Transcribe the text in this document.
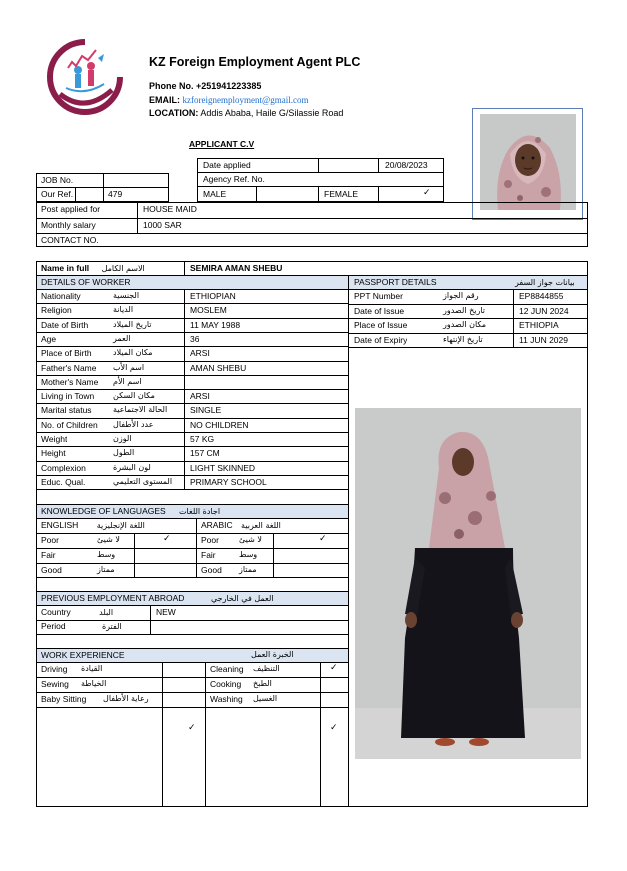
KZ Foreign Employment Agent PLC
Phone No. +251941223385
EMAIL: kzforeignemployment@gmail.com
LOCATION: Addis Ababa, Haile G/Silassie Road
APPLICANT C.V
Date applied	20/08/2023
Agency Ref. No.
MALE	FEMALE	✓
JOB No.
Our Ref.	479
Post applied for	HOUSE MAID
Monthly salary	1000 SAR
CONTACT NO.
Name in full الاسم الكامل	SEMIRA AMAN SHEBU
DETAILS OF WORKER	PASSPORT DETAILS	بيانات جواز السفر
Nationality	الجنسية	ETHIOPIAN
Religion	الديانة	MOSLEM
Date of Birth	تاريخ الميلاد	11 MAY 1988
Age	العمر	36
Place of Birth	مكان الميلاد	ARSI
Father's Name	اسم الأب	AMAN SHEBU
Mother's Name	اسم الأم
Living in Town	مكان السكن	ARSI
Marital status	الحالة الاجتماعية	SINGLE
No. of Children	عدد الأطفال	NO CHILDREN
Weight	الوزن	57 KG
Height	الطول	157 CM
Complexion	لون البشرة	LIGHT SKINNED
Educ. Qual.	المستوى التعليمي	PRIMARY SCHOOL
PPT Number	رقم الجواز	EP8844855
Date of Issue	تاريخ الصدور	12 JUN 2024
Place of Issue	مكان الصدور	ETHIOPIA
Date of Expiry	تاريخ الإنتهاء	11 JUN 2029
KNOWLEDGE OF LANGUAGES	اجادة اللغات
ENGLISH اللغة الإنجليزية	ARABIC اللغة العربية
Poor	لا شيئ	✓	Poor	لا شيئ	✓
Fair	وسط	Fair	وسط
Good	ممتاز	Good	ممتاز
PREVIOUS EMPLOYMENT ABROAD	العمل في الخارجي
Country	البلد	NEW
Period	الفترة
WORK EXPERIENCE	الخبرة العمل
Driving	القيادة
Sewing	الخياطة
Baby Sitting	رعاية الأطفال
✓
Cleaning	التنظيف	✓
Cooking	الطبخ
Washing	الغسيل
✓
